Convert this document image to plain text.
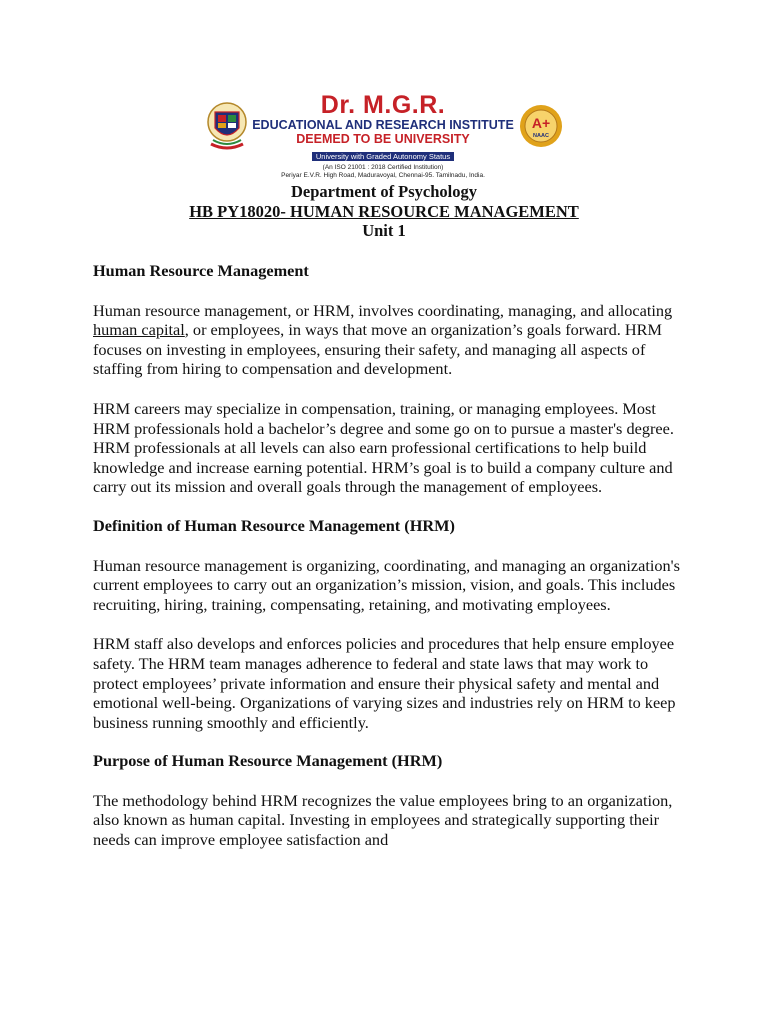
Dr. M.G.R.
EDUCATIONAL AND RESEARCH INSTITUTE
DEEMED TO BE UNIVERSITY
University with Graded Autonomy Status
(An ISO 21001 : 2018 Certified Institution)
Periyar E.V.R. High Road, Maduravoyal, Chennai-95. Tamilnadu, India.
A+
NAAC
Department of Psychology
HB PY18020- HUMAN RESOURCE MANAGEMENT
Unit 1
Human Resource Management

Human resource management, or HRM, involves coordinating, managing, and allocating human capital, or employees, in ways that move an organization’s goals forward. HRM focuses on investing in employees, ensuring their safety, and managing all aspects of staffing from hiring to compensation and development.

HRM careers may specialize in compensation, training, or managing employees. Most HRM professionals hold a bachelor’s degree and some go on to pursue a master's degree. HRM professionals at all levels can also earn professional certifications to help build knowledge and increase earning potential. HRM’s goal is to build a company culture and carry out its mission and overall goals through the management of employees.

Definition of Human Resource Management (HRM)

Human resource management is organizing, coordinating, and managing an organization's current employees to carry out an organization’s mission, vision, and goals. This includes recruiting, hiring, training, compensating, retaining, and motivating employees.

HRM staff also develops and enforces policies and procedures that help ensure employee safety. The HRM team manages adherence to federal and state laws that may work to protect employees’ private information and ensure their physical safety and mental and emotional well-being. Organizations of varying sizes and industries rely on HRM to keep business running smoothly and efficiently.

Purpose of Human Resource Management (HRM)

The methodology behind HRM recognizes the value employees bring to an organization, also known as human capital. Investing in employees and strategically supporting their needs can improve employee satisfaction and
